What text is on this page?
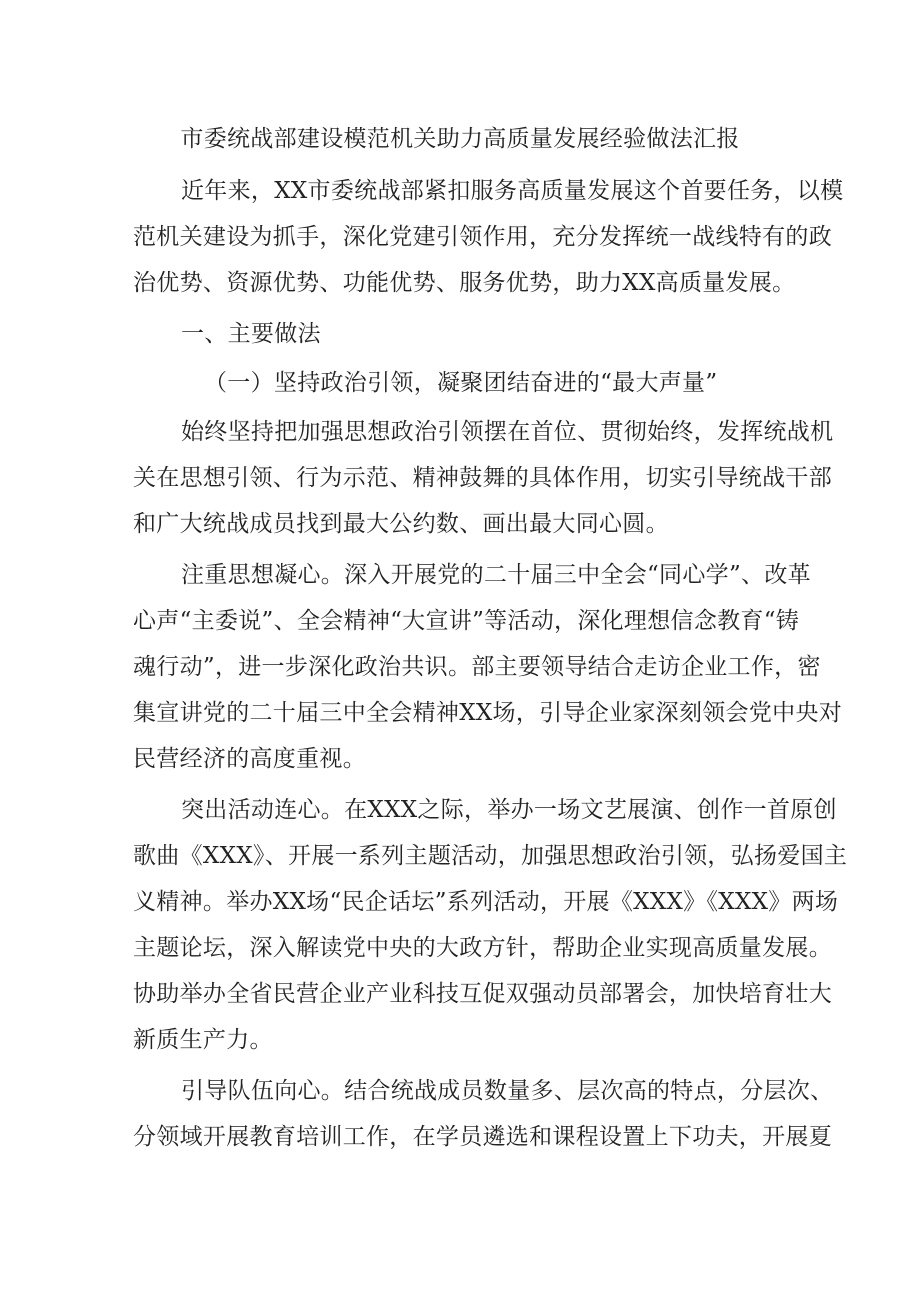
市委统战部建设模范机关助力高质量发展经验做法汇报
近年来，XX市委统战部紧扣服务高质量发展这个首要任务，以模
范机关建设为抓手，深化党建引领作用，充分发挥统一战线特有的政
治优势、资源优势、功能优势、服务优势，助力XX高质量发展。
一、主要做法
（一）坚持政治引领，凝聚团结奋进的“最大声量”
始终坚持把加强思想政治引领摆在首位、贯彻始终，发挥统战机
关在思想引领、行为示范、精神鼓舞的具体作用，切实引导统战干部
和广大统战成员找到最大公约数、画出最大同心圆。
注重思想凝心。深入开展党的二十届三中全会“同心学”、改革
心声“主委说”、全会精神“大宣讲”等活动，深化理想信念教育“铸
魂行动”，进一步深化政治共识。部主要领导结合走访企业工作，密
集宣讲党的二十届三中全会精神XX场，引导企业家深刻领会党中央对
民营经济的高度重视。
突出活动连心。在XXX之际，举办一场文艺展演、创作一首原创
歌曲《XXX》、开展一系列主题活动，加强思想政治引领，弘扬爱国主
义精神。举办XX场“民企话坛”系列活动，开展《XXX》《XXX》两场
主题论坛，深入解读党中央的大政方针，帮助企业实现高质量发展。
协助举办全省民营企业产业科技互促双强动员部署会，加快培育壮大
新质生产力。
引导队伍向心。结合统战成员数量多、层次高的特点，分层次、
分领域开展教育培训工作，在学员遴选和课程设置上下功夫，开展夏
